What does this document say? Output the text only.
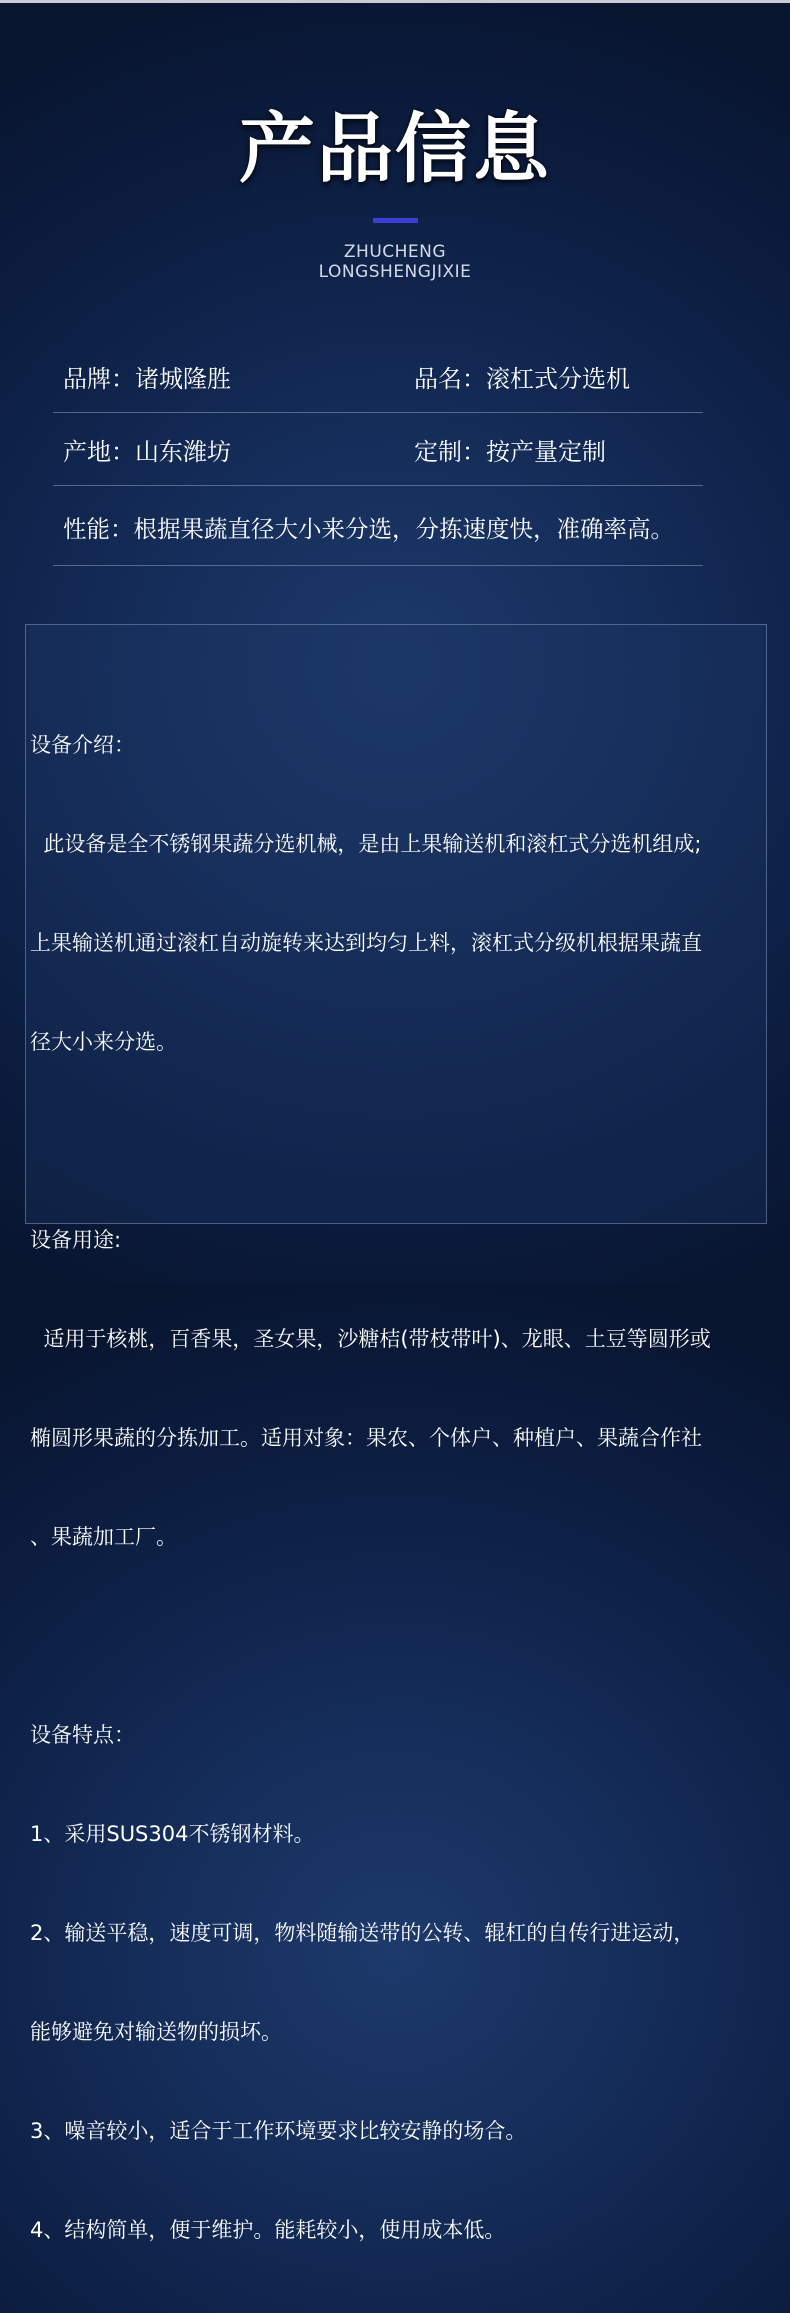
产品信息
ZHUCHENG
LONGSHENGJIXIE
品牌：诸城隆胜	品名：滚杠式分选机
产地：山东潍坊	定制：按产量定制
性能：根据果蔬直径大小来分选，分拣速度快，准确率高。

设备介绍：

此设备是全不锈钢果蔬分选机械，是由上果输送机和滚杠式分选机组成;

上果输送机通过滚杠自动旋转来达到均匀上料，滚杠式分级机根据果蔬直

径大小来分选。

设备用途:

适用于核桃，百香果，圣女果，沙糖桔(带枝带叶)、龙眼、土豆等圆形或

椭圆形果蔬的分拣加工。适用对象：果农、个体户、种植户、果蔬合作社

、果蔬加工厂。

设备特点：

1、采用SUS304不锈钢材料。

2、输送平稳，速度可调，物料随输送带的公转、辊杠的自传行进运动，

能够避免对输送物的损坏。

3、噪音较小，适合于工作环境要求比较安静的场合。

4、结构简单，便于维护。能耗较小，使用成本低。
